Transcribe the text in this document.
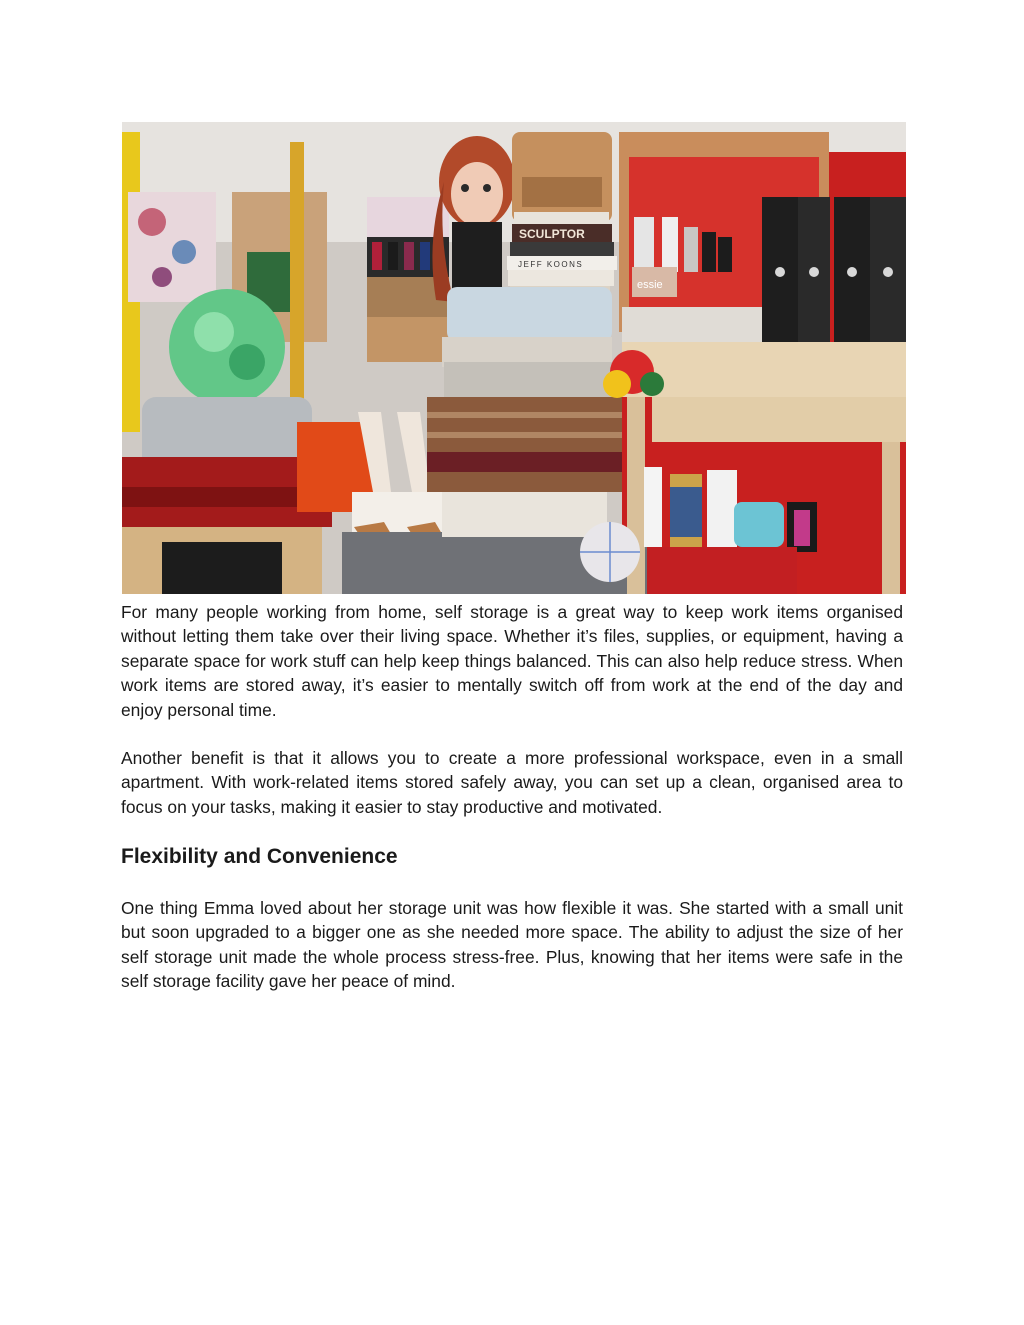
SCULPTOR
JEFF KOONS
essie

For many people working from home, self storage is a great way to keep work items organised without letting them take over their living space. Whether it’s files, supplies, or equipment, having a separate space for work stuff can help keep things balanced. This can also help reduce stress. When work items are stored away, it’s easier to mentally switch off from work at the end of the day and enjoy personal time.

Another benefit is that it allows you to create a more professional workspace, even in a small apartment. With work-related items stored safely away, you can set up a clean, organised area to focus on your tasks, making it easier to stay productive and motivated.

Flexibility and Convenience

One thing Emma loved about her storage unit was how flexible it was. She started with a small unit but soon upgraded to a bigger one as she needed more space. The ability to adjust the size of her self storage unit made the whole process stress-free. Plus, knowing that her items were safe in the self storage facility gave her peace of mind.
